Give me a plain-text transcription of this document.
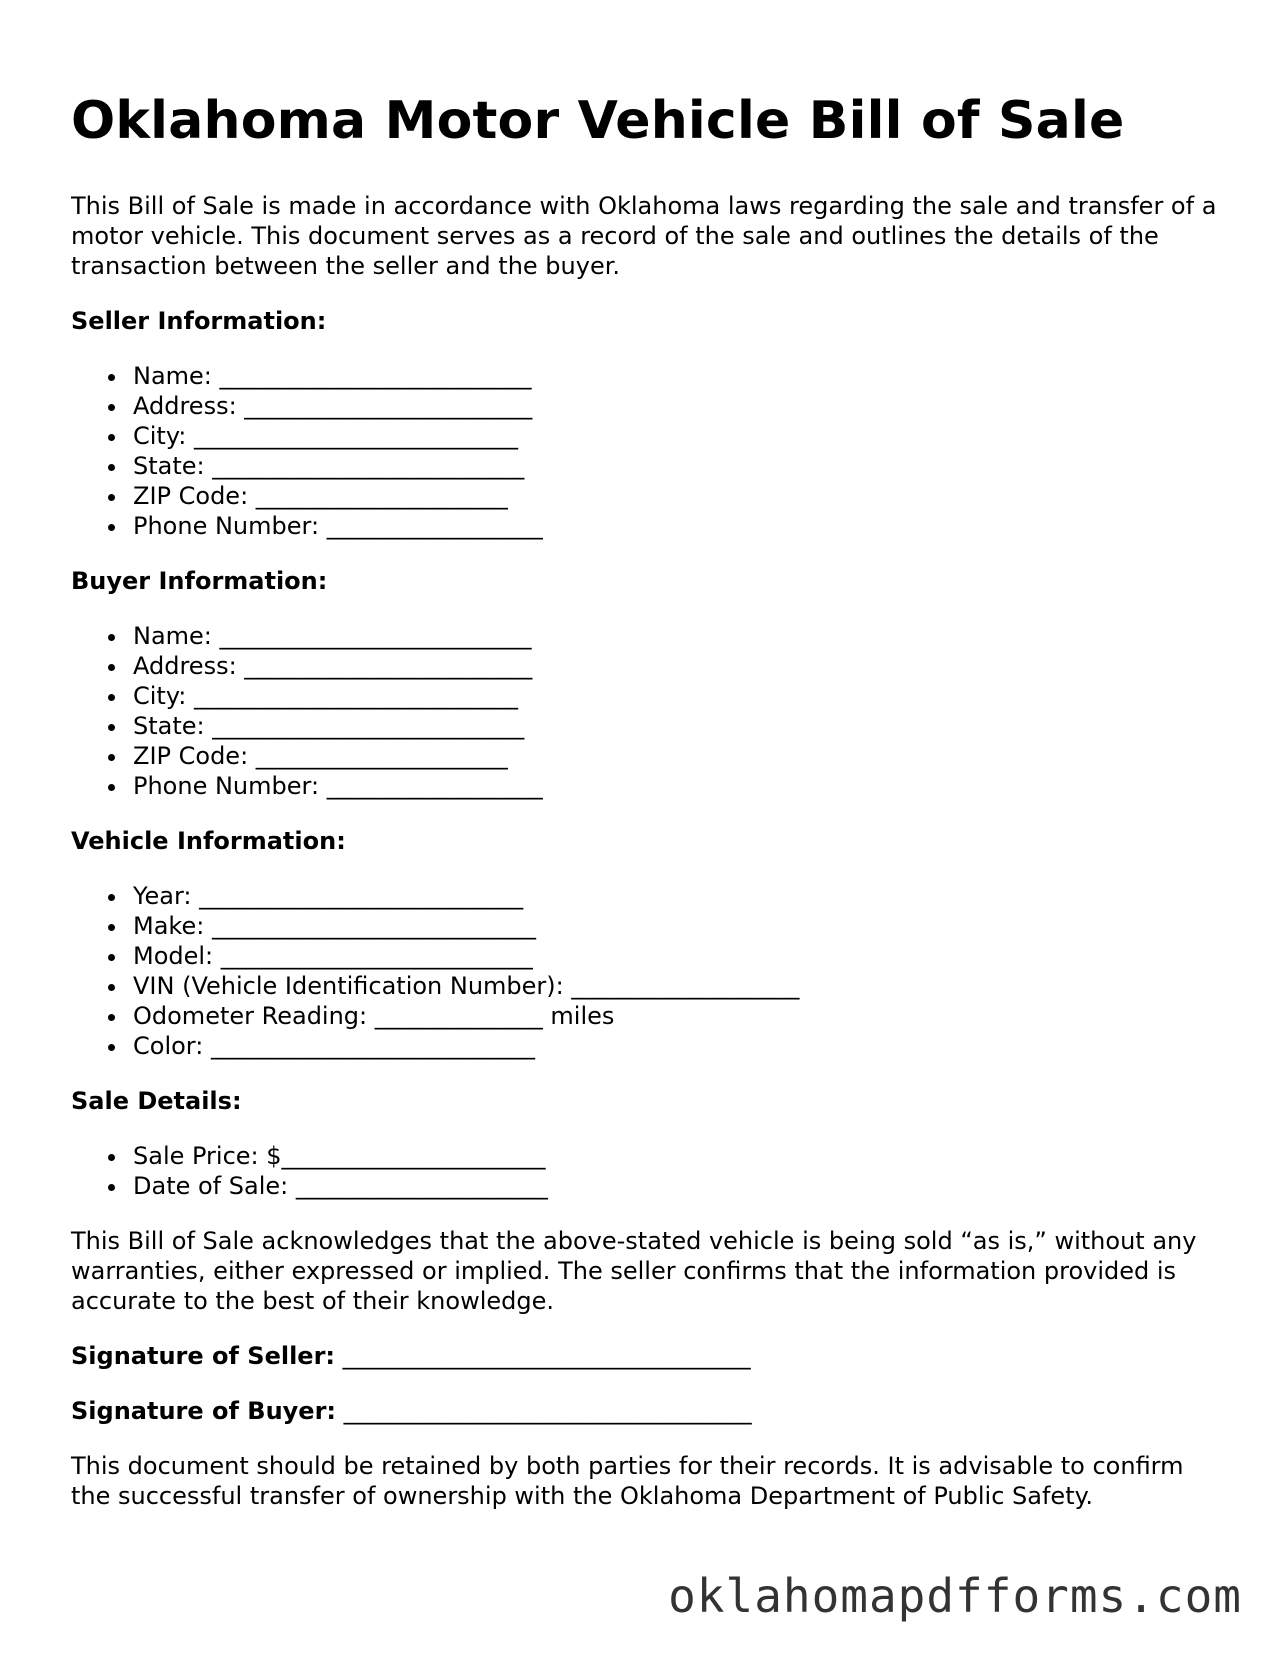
Oklahoma Motor Vehicle Bill of Sale

This Bill of Sale is made in accordance with Oklahoma laws regarding the sale and transfer of a motor vehicle. This document serves as a record of the sale and outlines the details of the transaction between the seller and the buyer.

Seller Information:
Name: __________________________
Address: ________________________
City: ___________________________
State: __________________________
ZIP Code: _____________________
Phone Number: __________________
Buyer Information:
Name: __________________________
Address: ________________________
City: ___________________________
State: __________________________
ZIP Code: _____________________
Phone Number: __________________
Vehicle Information:
Year: ___________________________
Make: ___________________________
Model: __________________________
VIN (Vehicle Identification Number): ___________________
Odometer Reading: ______________ miles
Color: ___________________________
Sale Details:
Sale Price: $______________________
Date of Sale: _____________________

This Bill of Sale acknowledges that the above-stated vehicle is being sold “as is,” without any warranties, either expressed or implied. The seller confirms that the information provided is accurate to the best of their knowledge.

Signature of Seller: __________________________________
Signature of Buyer: __________________________________

This document should be retained by both parties for their records. It is advisable to confirm the successful transfer of ownership with the Oklahoma Department of Public Safety.

oklahomapdfforms.com
